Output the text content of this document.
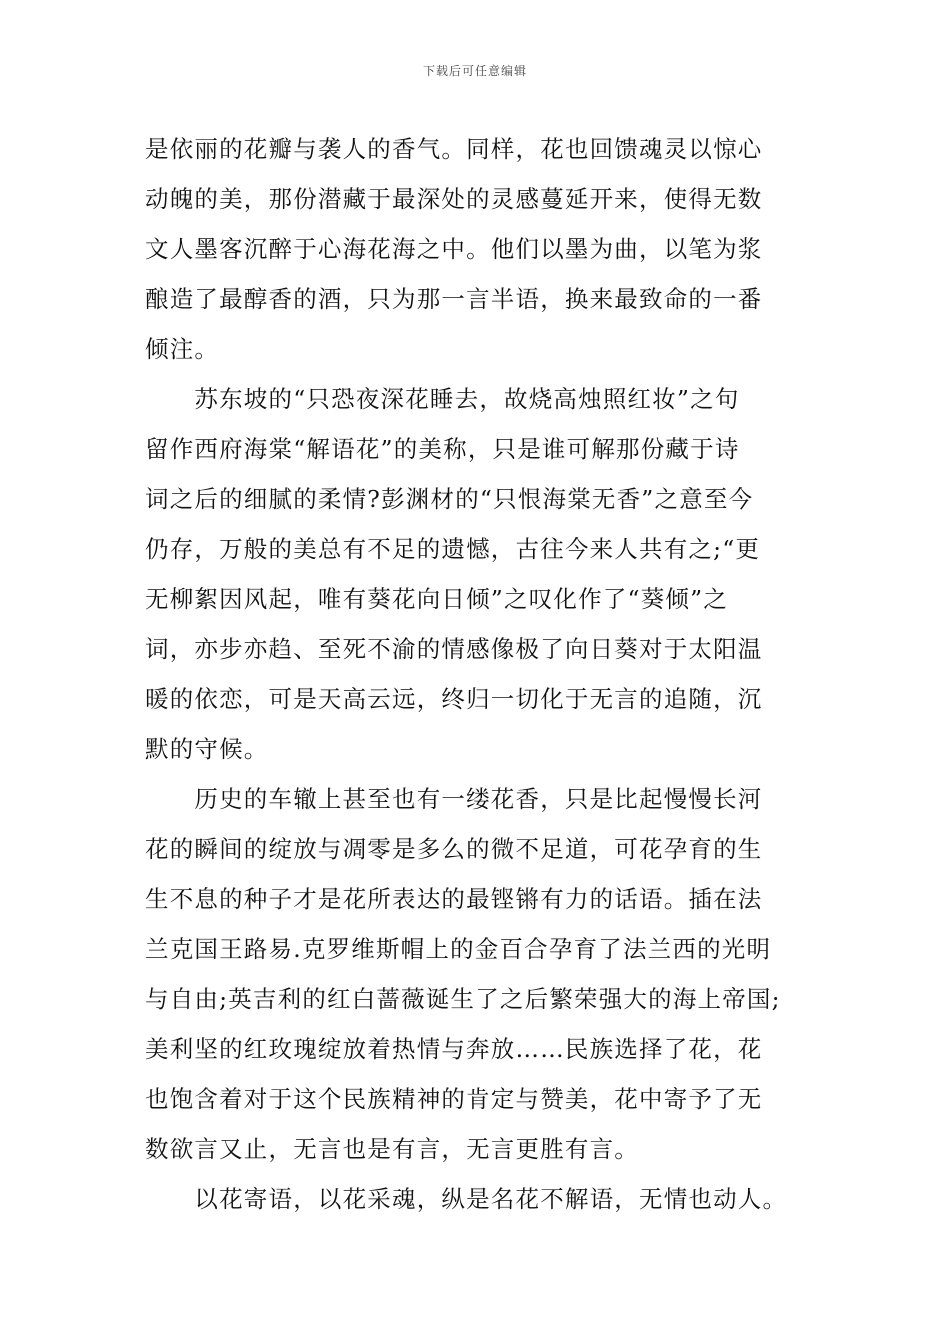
下载后可任意编辑
是依丽的花瓣与袭人的香气。同样，花也回馈魂灵以惊心
动魄的美，那份潜藏于最深处的灵感蔓延开来，使得无数
文人墨客沉醉于心海花海之中。他们以墨为曲，以笔为浆
酿造了最醇香的酒，只为那一言半语，换来最致命的一番
倾注。
　　苏东坡的“只恐夜深花睡去，故烧高烛照红妆”之句
留作西府海棠“解语花”的美称，只是谁可解那份藏于诗
词之后的细腻的柔情?彭渊材的“只恨海棠无香”之意至今
仍存，万般的美总有不足的遗憾，古往今来人共有之;“更
无柳絮因风起，唯有葵花向日倾”之叹化作了“葵倾”之
词，亦步亦趋、至死不渝的情感像极了向日葵对于太阳温
暖的依恋，可是天高云远，终归一切化于无言的追随，沉
默的守候。
　　历史的车辙上甚至也有一缕花香，只是比起慢慢长河
花的瞬间的绽放与凋零是多么的微不足道，可花孕育的生
生不息的种子才是花所表达的最铿锵有力的话语。插在法
兰克国王路易.克罗维斯帽上的金百合孕育了法兰西的光明
与自由;英吉利的红白蔷薇诞生了之后繁荣强大的海上帝国;
美利坚的红玫瑰绽放着热情与奔放……民族选择了花，花
也饱含着对于这个民族精神的肯定与赞美，花中寄予了无
数欲言又止，无言也是有言，无言更胜有言。
　　以花寄语，以花采魂，纵是名花不解语，无情也动人。
